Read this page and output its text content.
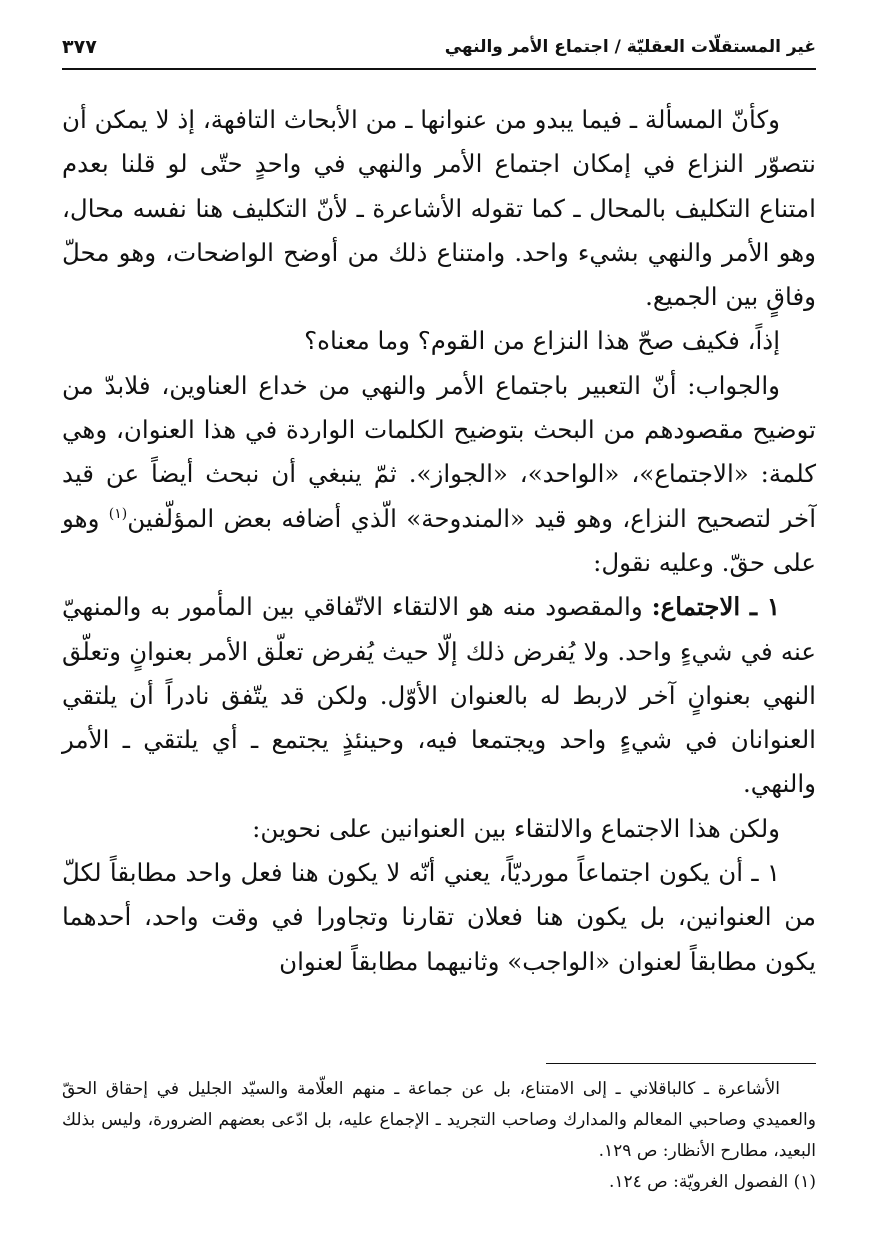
غير المستقلّات العقليّة / اجتماع الأمر والنهي
٣٧٧

وكأنّ المسألة ـ فيما يبدو من عنوانها ـ من الأبحاث التافهة، إذ لا يمكن أن نتصوّر النزاع في إمكان اجتماع الأمر والنهي في واحدٍ حتّى لو قلنا بعدم امتناع التكليف بالمحال ـ كما تقوله الأشاعرة ـ لأنّ التكليف هنا نفسه محال، وهو الأمر والنهي بشيء واحد. وامتناع ذلك من أوضح الواضحات، وهو محلّ وفاقٍ بين الجميع.

إذاً، فكيف صحّ هذا النزاع من القوم؟ وما معناه؟

والجواب: أنّ التعبير باجتماع الأمر والنهي من خداع العناوين، فلابدّ من توضيح مقصودهم من البحث بتوضيح الكلمات الواردة في هذا العنوان، وهي كلمة: «الاجتماع»، «الواحد»، «الجواز». ثمّ ينبغي أن نبحث أيضاً عن قيد آخر لتصحيح النزاع، وهو قيد «المندوحة» الّذي أضافه بعض المؤلّفين$^{(١)}$ وهو على حقّ. وعليه نقول:

١ ـ الاجتماع: والمقصود منه هو الالتقاء الاتّفاقي بين المأمور به والمنهيّ عنه في شيءٍ واحد. ولا يُفرض ذلك إلّا حيث يُفرض تعلّق الأمر بعنوانٍ وتعلّق النهي بعنوانٍ آخر لاربط له بالعنوان الأوّل. ولكن قد يتّفق نادراً أن يلتقي العنوانان في شيءٍ واحد ويجتمعا فيه، وحينئذٍ يجتمع ـ أي يلتقي ـ الأمر والنهي.

ولكن هذا الاجتماع والالتقاء بين العنوانين على نحوين:

١ ـ أن يكون اجتماعاً مورديّاً، يعني أنّه لا يكون هنا فعل واحد مطابقاً لكلّ من العنوانين، بل يكون هنا فعلان تقارنا وتجاورا في وقت واحد، أحدهما يكون مطابقاً لعنوان «الواجب» وثانيهما مطابقاً لعنوان

الأشاعرة ـ كالباقلاني ـ إلى الامتناع، بل عن جماعة ـ منهم العلّامة والسيّد الجليل في إحقاق الحقّ والعميدي وصاحبي المعالم والمدارك وصاحب التجريد ـ الإجماع عليه، بل ادّعى بعضهم الضرورة، وليس بذلك البعيد، مطارح الأنظار: ص ١٢٩.

(١) الفصول الغرويّة: ص ١٢٤.
